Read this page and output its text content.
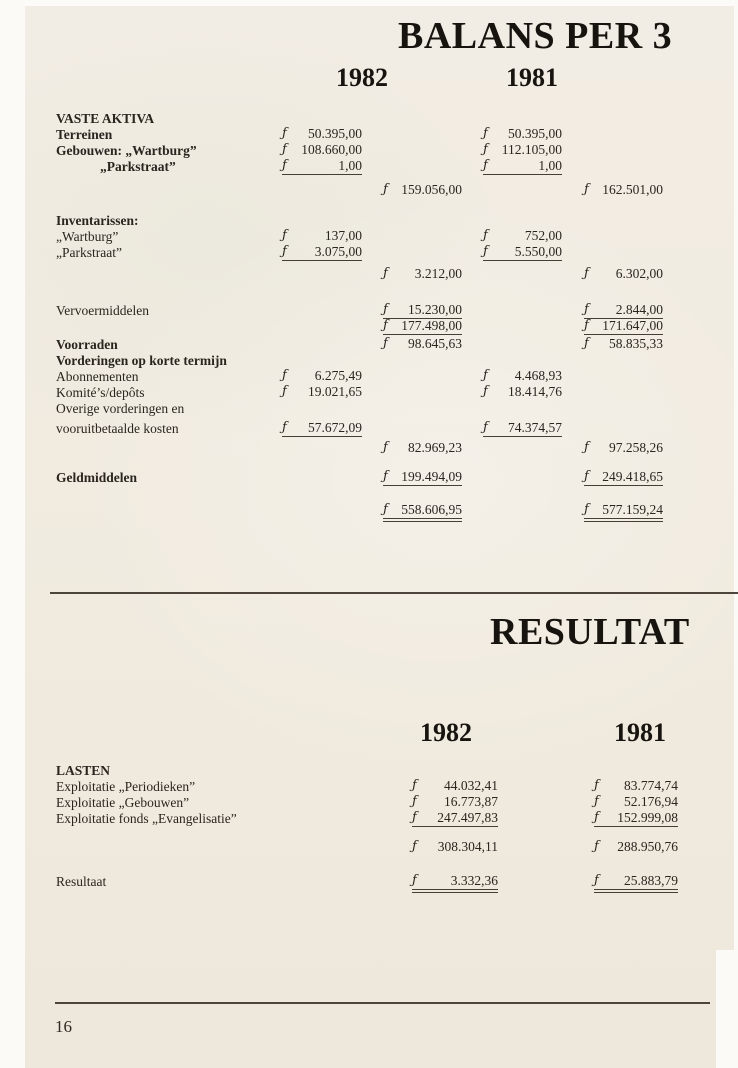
BALANS PER 3
1982	1981
VASTE AKTIVA
Terreinen	ƒ 50.395,00	ƒ 50.395,00
Gebouwen: „Wartburg”	ƒ 108.660,00	ƒ 112.105,00
„Parkstraat”	ƒ	1,00	ƒ	1,00
ƒ 159.056,00	ƒ 162.501,00
Inventarissen:
„Wartburg”	ƒ	137,00	ƒ	752,00
„Parkstraat”	ƒ 3.075,00	ƒ 5.550,00
ƒ 3.212,00	ƒ 6.302,00
Vervoermiddelen	ƒ 15.230,00	ƒ 2.844,00
ƒ 177.498,00	ƒ 171.647,00
Voorraden	ƒ 98.645,63	ƒ 58.835,33
Vorderingen op korte termijn
Abonnementen	ƒ 6.275,49	ƒ 4.468,93
Komité’s/depôts	ƒ 19.021,65	ƒ 18.414,76
Overige vorderingen en
vooruitbetaalde kosten	ƒ 57.672,09	ƒ 74.374,57
ƒ 82.969,23	ƒ 97.258,26
Geldmiddelen	ƒ 199.494,09	ƒ 249.418,65
ƒ 558.606,95	ƒ 577.159,24
RESULTAT
1982	1981
LASTEN
Exploitatie „Periodieken”	ƒ 44.032,41	ƒ 83.774,74
Exploitatie „Gebouwen”	ƒ 16.773,87	ƒ 52.176,94
Exploitatie fonds „Evangelisatie”	ƒ 247.497,83	ƒ 152.999,08
ƒ 308.304,11	ƒ 288.950,76
Resultaat	ƒ	3.332,36	ƒ 25.883,79
16
